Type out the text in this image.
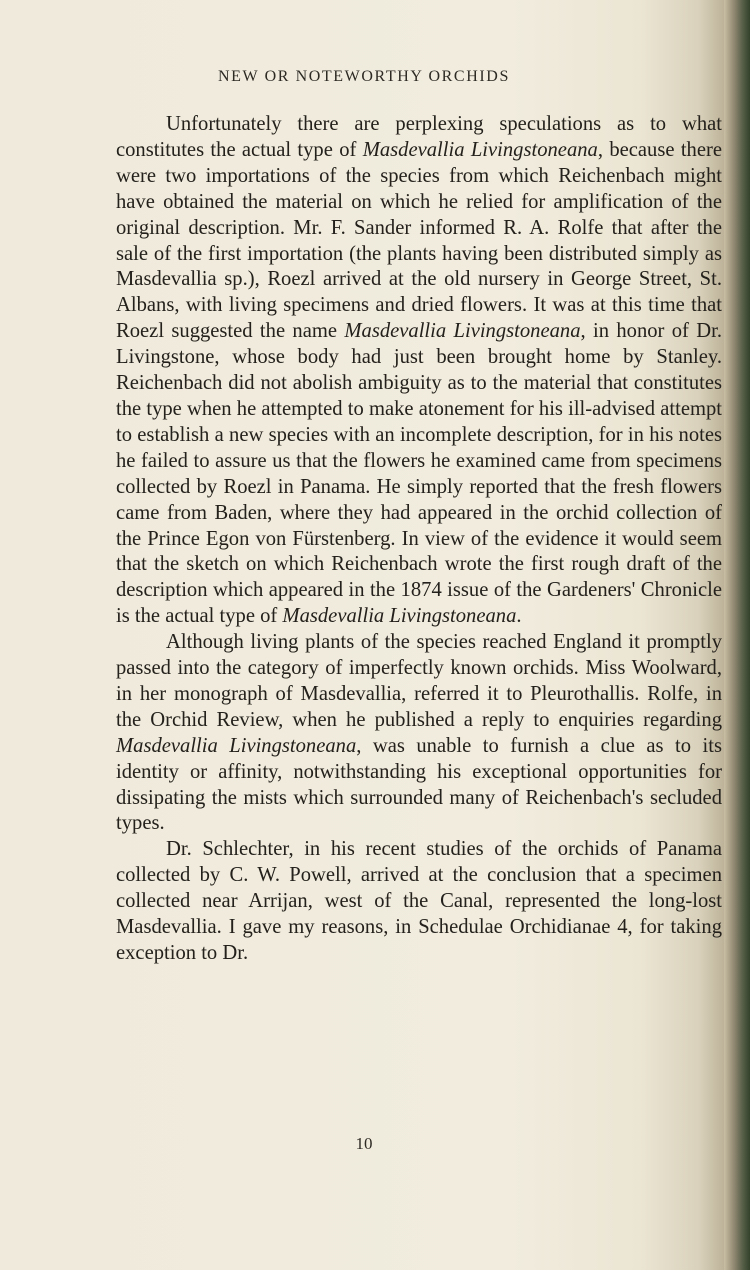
NEW OR NOTEWORTHY ORCHIDS

Unfortunately there are perplexing speculations as to what constitutes the actual type of Masdevallia Livingstoneana, because there were two importations of the species from which Reichenbach might have obtained the material on which he relied for amplification of the original description. Mr. F. Sander informed R. A. Rolfe that after the sale of the first importation (the plants having been distributed simply as Masdevallia sp.), Roezl arrived at the old nursery in George Street, St. Albans, with living specimens and dried flowers. It was at this time that Roezl suggested the name Masdevallia Livingstoneana, in honor of Dr. Livingstone, whose body had just been brought home by Stanley. Reichenbach did not abolish ambiguity as to the material that constitutes the type when he attempted to make atonement for his ill-advised attempt to establish a new species with an incomplete description, for in his notes he failed to assure us that the flowers he examined came from specimens collected by Roezl in Panama. He simply reported that the fresh flowers came from Baden, where they had appeared in the orchid collection of the Prince Egon von Fürstenberg. In view of the evidence it would seem that the sketch on which Reichenbach wrote the first rough draft of the description which appeared in the 1874 issue of the Gardeners' Chronicle is the actual type of Masdevallia Livingstoneana.

Although living plants of the species reached England it promptly passed into the category of imperfectly known orchids. Miss Woolward, in her monograph of Masdevallia, referred it to Pleurothallis. Rolfe, in the Orchid Review, when he published a reply to enquiries regarding Masdevallia Livingstoneana, was unable to furnish a clue as to its identity or affinity, notwithstanding his exceptional opportunities for dissipating the mists which surrounded many of Reichenbach's secluded types.

Dr. Schlechter, in his recent studies of the orchids of Panama collected by C. W. Powell, arrived at the conclusion that a specimen collected near Arrijan, west of the Canal, represented the long-lost Masdevallia. I gave my reasons, in Schedulae Orchidianae 4, for taking exception to Dr.

10
